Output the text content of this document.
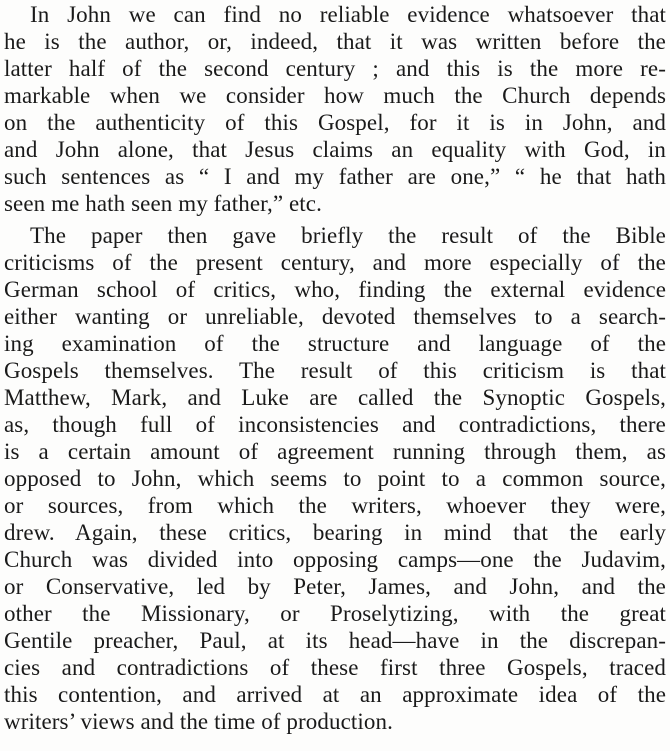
In John we can find no reliable evidence whatsoever that
he is the author, or, indeed, that it was written before the
latter half of the second century ; and this is the more re-
markable when we consider how much the Church depends
on the authenticity of this Gospel, for it is in John, and
and John alone, that Jesus claims an equality with God, in
such sentences as “ I and my father are one,” “ he that hath
seen me hath seen my father,” etc.
The paper then gave briefly the result of the Bible
criticisms of the present century, and more especially of the
German school of critics, who, finding the external evidence
either wanting or unreliable, devoted themselves to a search-
ing examination of the structure and language of the
Gospels themselves. The result of this criticism is that
Matthew, Mark, and Luke are called the Synoptic Gospels,
as, though full of inconsistencies and contradictions, there
is a certain amount of agreement running through them, as
opposed to John, which seems to point to a common source,
or sources, from which the writers, whoever they were,
drew. Again, these critics, bearing in mind that the early
Church was divided into opposing camps—one the Judavim,
or Conservative, led by Peter, James, and John, and the
other the Missionary, or Proselytizing, with the great
Gentile preacher, Paul, at its head—have in the discrepan-
cies and contradictions of these first three Gospels, traced
this contention, and arrived at an approximate idea of the
writers’ views and the time of production.
